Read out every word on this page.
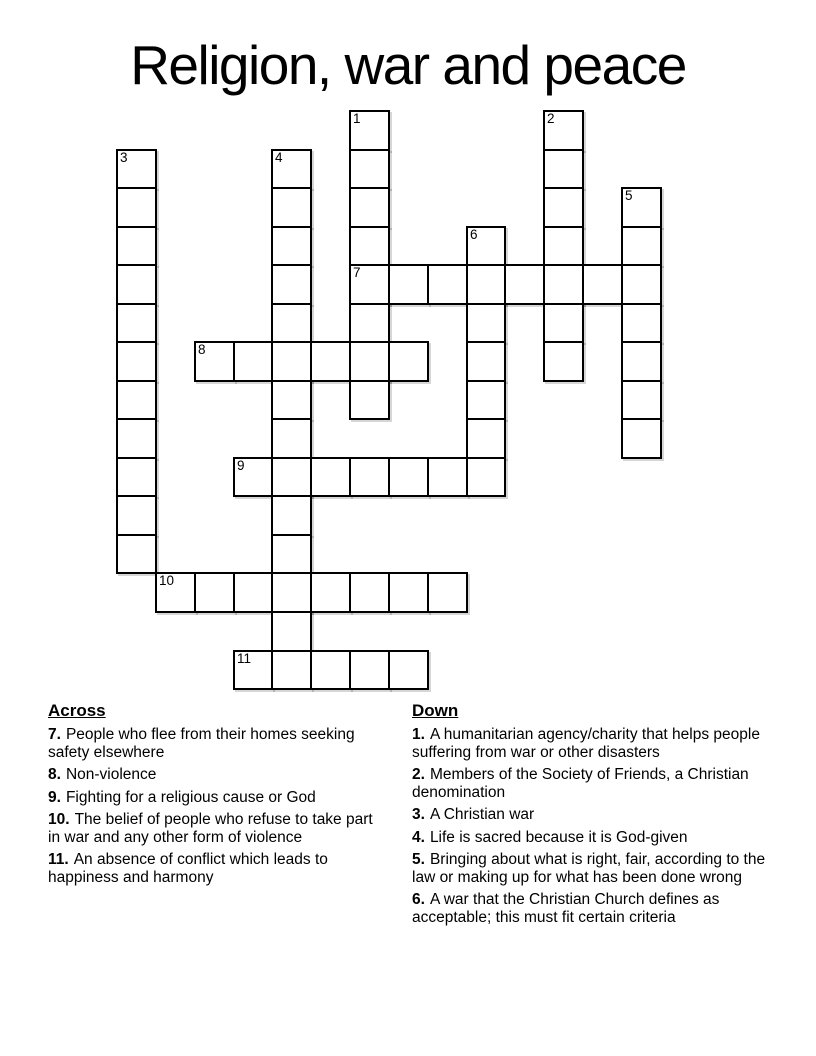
Religion, war and peace
1	2
3	4
5
6
7
8
9
10
11
Across

7. People who flee from their homes seeking safety elsewhere

8. Non-violence

9. Fighting for a religious cause or God

10. The belief of people who refuse to take part in war and any other form of violence

11. An absence of conflict which leads to happiness and harmony

Down

1. A humanitarian agency/charity that helps people suffering from war or other disasters

2. Members of the Society of Friends, a Christian denomination

3. A Christian war

4. Life is sacred because it is God-given

5. Bringing about what is right, fair, according to the law or making up for what has been done wrong

6. A war that the Christian Church defines as acceptable; this must fit certain criteria
